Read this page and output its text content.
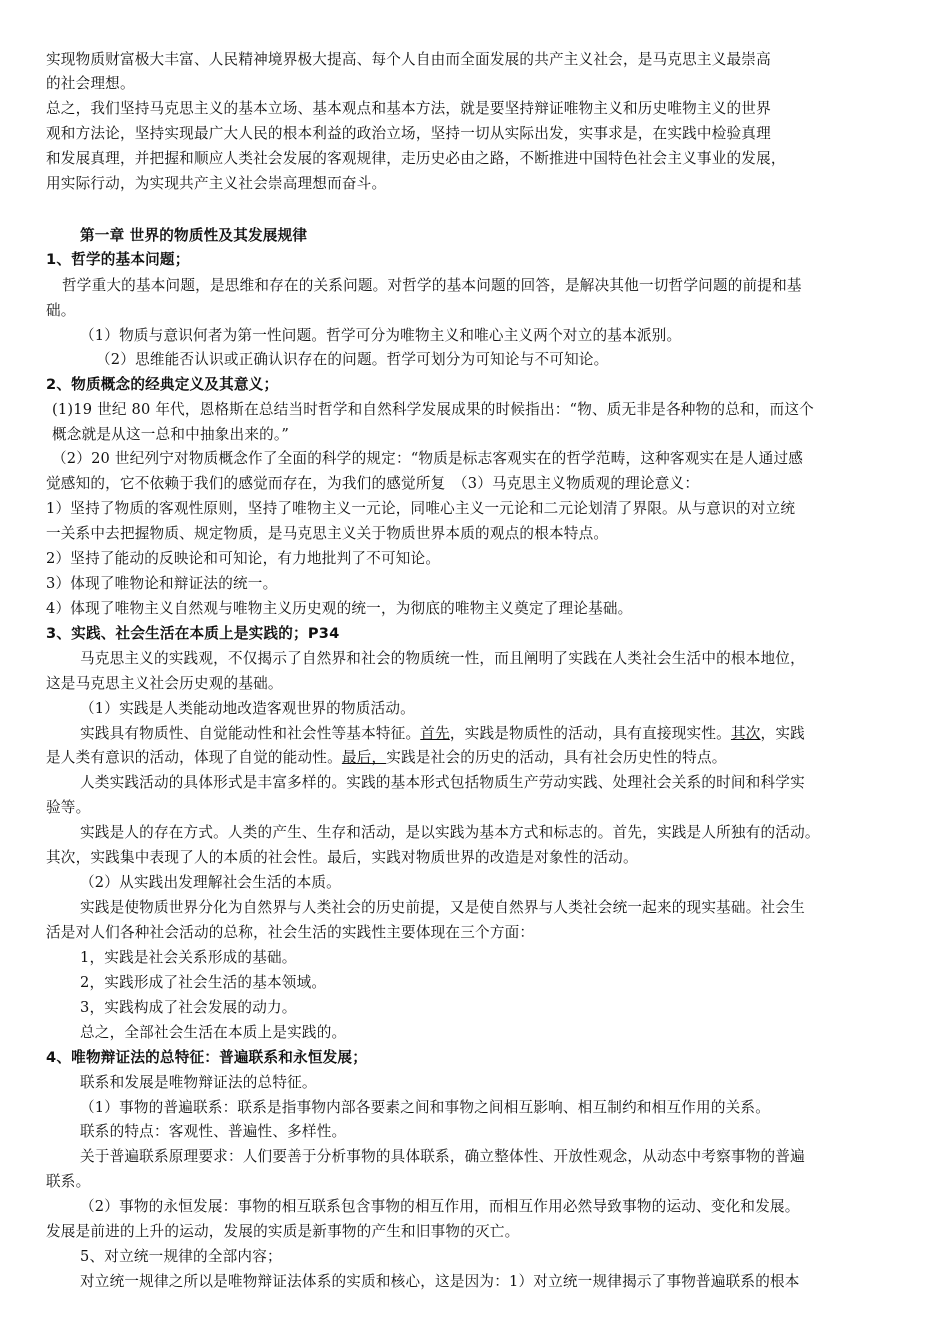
实现物质财富极大丰富、人民精神境界极大提高、每个人自由而全面发展的共产主义社会，是马克思主义最崇高
的社会理想。
总之，我们坚持马克思主义的基本立场、基本观点和基本方法，就是要坚持辩证唯物主义和历史唯物主义的世界
观和方法论，坚持实现最广大人民的根本利益的政治立场，坚持一切从实际出发，实事求是，在实践中检验真理
和发展真理，并把握和顺应人类社会发展的客观规律，走历史必由之路，不断推进中国特色社会主义事业的发展，
用实际行动，为实现共产主义社会崇高理想而奋斗。
第一章 世界的物质性及其发展规律
1、哲学的基本问题；
哲学重大的基本问题，是思维和存在的关系问题。对哲学的基本问题的回答，是解决其他一切哲学问题的前提和基
础。
（1）物质与意识何者为第一性问题。哲学可分为唯物主义和唯心主义两个对立的基本派别。
（2）思维能否认识或正确认识存在的问题。哲学可划分为可知论与不可知论。
2、物质概念的经典定义及其意义；
(1)19 世纪 80 年代，恩格斯在总结当时哲学和自然科学发展成果的时候指出：“物、质无非是各种物的总和，而这个
概念就是从这一总和中抽象出来的。”
（2）20 世纪列宁对物质概念作了全面的科学的规定：“物质是标志客观实在的哲学范畴，这种客观实在是人通过感
觉感知的，它不依赖于我们的感觉而存在，为我们的感觉所复　（3）马克思主义物质观的理论意义：
1）坚持了物质的客观性原则，坚持了唯物主义一元论，同唯心主义一元论和二元论划清了界限。从与意识的对立统
一关系中去把握物质、规定物质，是马克思主义关于物质世界本质的观点的根本特点。
2）坚持了能动的反映论和可知论，有力地批判了不可知论。
3）体现了唯物论和辩证法的统一。
4）体现了唯物主义自然观与唯物主义历史观的统一，为彻底的唯物主义奠定了理论基础。
3、实践、社会生活在本质上是实践的；P34
马克思主义的实践观，不仅揭示了自然界和社会的物质统一性，而且阐明了实践在人类社会生活中的根本地位，
这是马克思主义社会历史观的基础。
（1）实践是人类能动地改造客观世界的物质活动。
实践具有物质性、自觉能动性和社会性等基本特征。首先，实践是物质性的活动，具有直接现实性。其次，实践
是人类有意识的活动，体现了自觉的能动性。最后，实践是社会的历史的活动，具有社会历史性的特点。
人类实践活动的具体形式是丰富多样的。实践的基本形式包括物质生产劳动实践、处理社会关系的时间和科学实
验等。
实践是人的存在方式。人类的产生、生存和活动，是以实践为基本方式和标志的。首先，实践是人所独有的活动。
其次，实践集中表现了人的本质的社会性。最后，实践对物质世界的改造是对象性的活动。
（2）从实践出发理解社会生活的本质。
实践是使物质世界分化为自然界与人类社会的历史前提，又是使自然界与人类社会统一起来的现实基础。社会生
活是对人们各种社会活动的总称，社会生活的实践性主要体现在三个方面：
1，实践是社会关系形成的基础。
2，实践形成了社会生活的基本领域。
3，实践构成了社会发展的动力。
总之，全部社会生活在本质上是实践的。
4、唯物辩证法的总特征：普遍联系和永恒发展；
联系和发展是唯物辩证法的总特征。
（1）事物的普遍联系：联系是指事物内部各要素之间和事物之间相互影响、相互制约和相互作用的关系。
联系的特点：客观性、普遍性、多样性。
关于普遍联系原理要求：人们要善于分析事物的具体联系，确立整体性、开放性观念，从动态中考察事物的普遍
联系。
（2）事物的永恒发展：事物的相互联系包含事物的相互作用，而相互作用必然导致事物的运动、变化和发展。
发展是前进的上升的运动，发展的实质是新事物的产生和旧事物的灭亡。
5、对立统一规律的全部内容；
对立统一规律之所以是唯物辩证法体系的实质和核心，这是因为：1）对立统一规律揭示了事物普遍联系的根本
